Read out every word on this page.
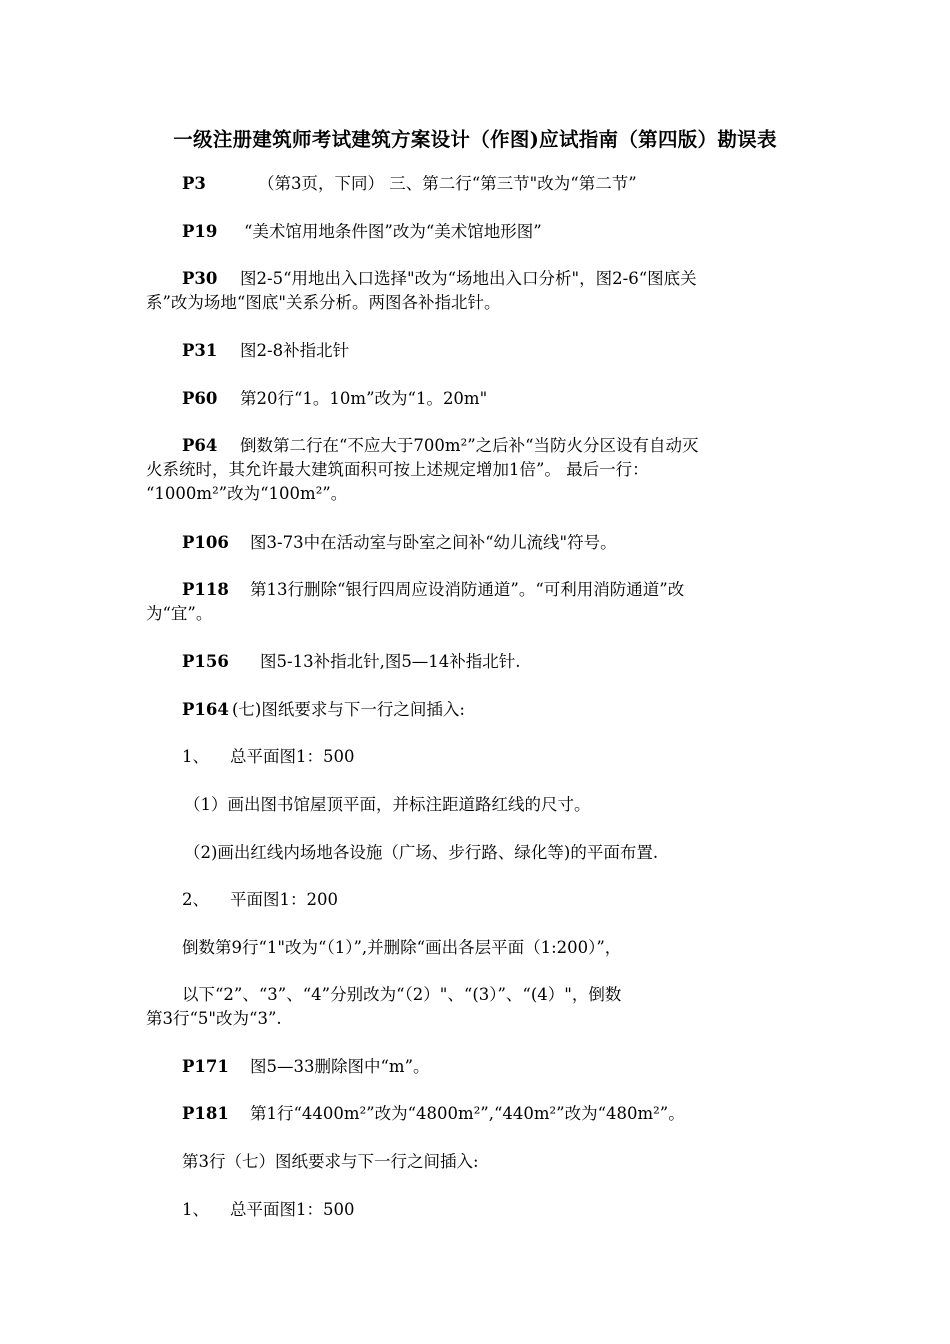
一级注册建筑师考试建筑方案设计（作图)应试指南（第四版）勘误表
P3	（第3页，下同） 三、第二行“第三节"改为“第二节”
P19 “美术馆用地条件图”改为“美术馆地形图”
P30 图2-5“用地出入口选择"改为“场地出入口分析"，图2-6“图底关
系”改为场地“图底"关系分析。两图各补指北针。
P31 图2-8补指北针
P60 第20行“1。10m”改为“1。20m"
P64 倒数第二行在“不应大于700m²”之后补“当防火分区设有自动灭
火系统时，其允许最大建筑面积可按上述规定增加1倍”。 最后一行：
“1000m²”改为“100m²”。
P106 图3-73中在活动室与卧室之间补“幼儿流线"符号。
P118 第13行删除“银行四周应设消防通道”。“可利用消防通道”改
为“宜”。
P156 图5-13补指北针,图5—14补指北针.
P164 (七)图纸要求与下一行之间插入:
1、    总平面图1：500
（1）画出图书馆屋顶平面，并标注距道路红线的尺寸。
（2)画出红线内场地各设施（广场、步行路、绿化等)的平面布置.
2、    平面图1：200
倒数第9行“1"改为“（1）”,并删除“画出各层平面（1:200）”，
以下“2”、“3”、“4”分别改为“（2）"、“(3）”、“(4）"，倒数
第3行“5"改为“3”.
P171 图5—33删除图中“m”。
P181 第1行“4400m²”改为“4800m²”,“440m²”改为“480m²”。
第3行（七）图纸要求与下一行之间插入:
1、    总平面图1：500
